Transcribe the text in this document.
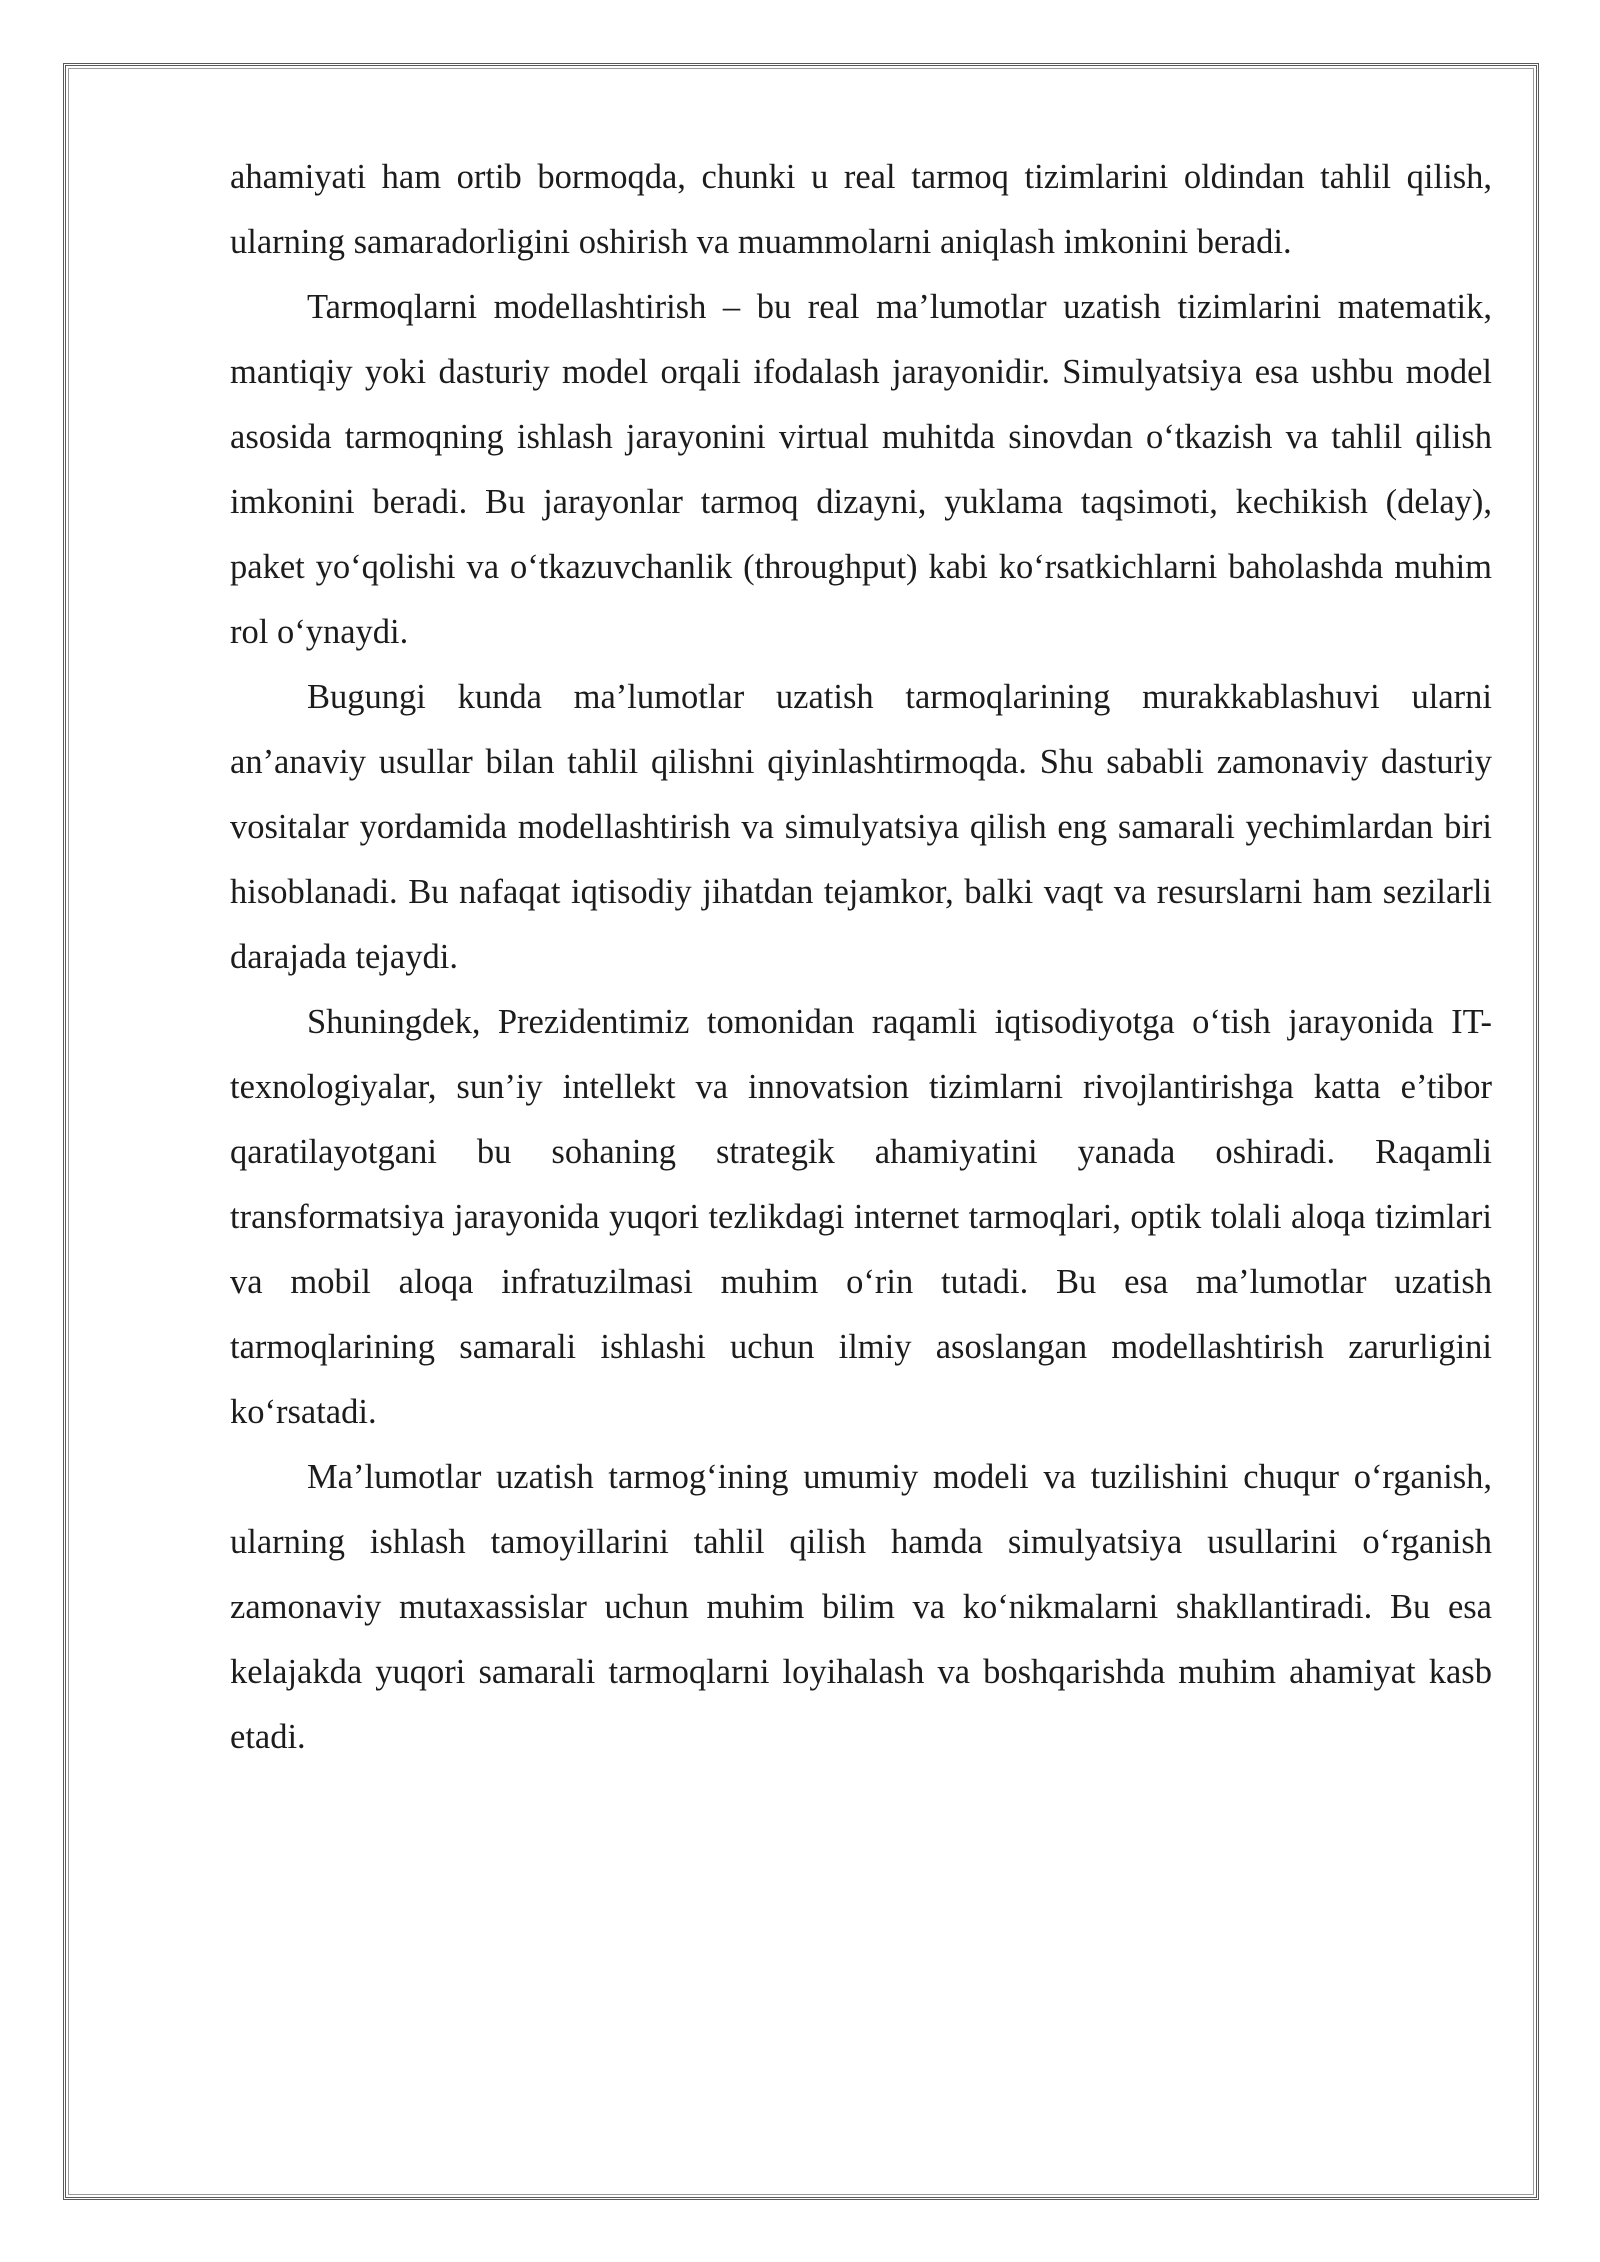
ahamiyati ham ortib bormoqda, chunki u real tarmoq tizimlarini oldindan tahlil qilish, ularning samaradorligini oshirish va muammolarni aniqlash imkonini beradi.

Tarmoqlarni modellashtirish – bu real ma’lumotlar uzatish tizimlarini matematik, mantiqiy yoki dasturiy model orqali ifodalash jarayonidir. Simulyatsiya esa ushbu model asosida tarmoqning ishlash jarayonini virtual muhitda sinovdan o‘tkazish va tahlil qilish imkonini beradi. Bu jarayonlar tarmoq dizayni, yuklama taqsimoti, kechikish (delay), paket yo‘qolishi va o‘tkazuvchanlik (throughput) kabi ko‘rsatkichlarni baholashda muhim rol o‘ynaydi.

Bugungi kunda ma’lumotlar uzatish tarmoqlarining murakkablashuvi ularni an’anaviy usullar bilan tahlil qilishni qiyinlashtirmoqda. Shu sababli zamonaviy dasturiy vositalar yordamida modellashtirish va simulyatsiya qilish eng samarali yechimlardan biri hisoblanadi. Bu nafaqat iqtisodiy jihatdan tejamkor, balki vaqt va resurslarni ham sezilarli darajada tejaydi.

Shuningdek, Prezidentimiz tomonidan raqamli iqtisodiyotga o‘tish jarayonida IT-texnologiyalar, sun’iy intellekt va innovatsion tizimlarni rivojlantirishga katta e’tibor qaratilayotgani bu sohaning strategik ahamiyatini yanada oshiradi. Raqamli transformatsiya jarayonida yuqori tezlikdagi internet tarmoqlari, optik tolali aloqa tizimlari va mobil aloqa infratuzilmasi muhim o‘rin tutadi. Bu esa ma’lumotlar uzatish tarmoqlarining samarali ishlashi uchun ilmiy asoslangan modellashtirish zarurligini ko‘rsatadi.

Ma’lumotlar uzatish tarmog‘ining umumiy modeli va tuzilishini chuqur o‘rganish, ularning ishlash tamoyillarini tahlil qilish hamda simulyatsiya usullarini o‘rganish zamonaviy mutaxassislar uchun muhim bilim va ko‘nikmalarni shakllantiradi. Bu esa kelajakda yuqori samarali tarmoqlarni loyihalash va boshqarishda muhim ahamiyat kasb etadi.
